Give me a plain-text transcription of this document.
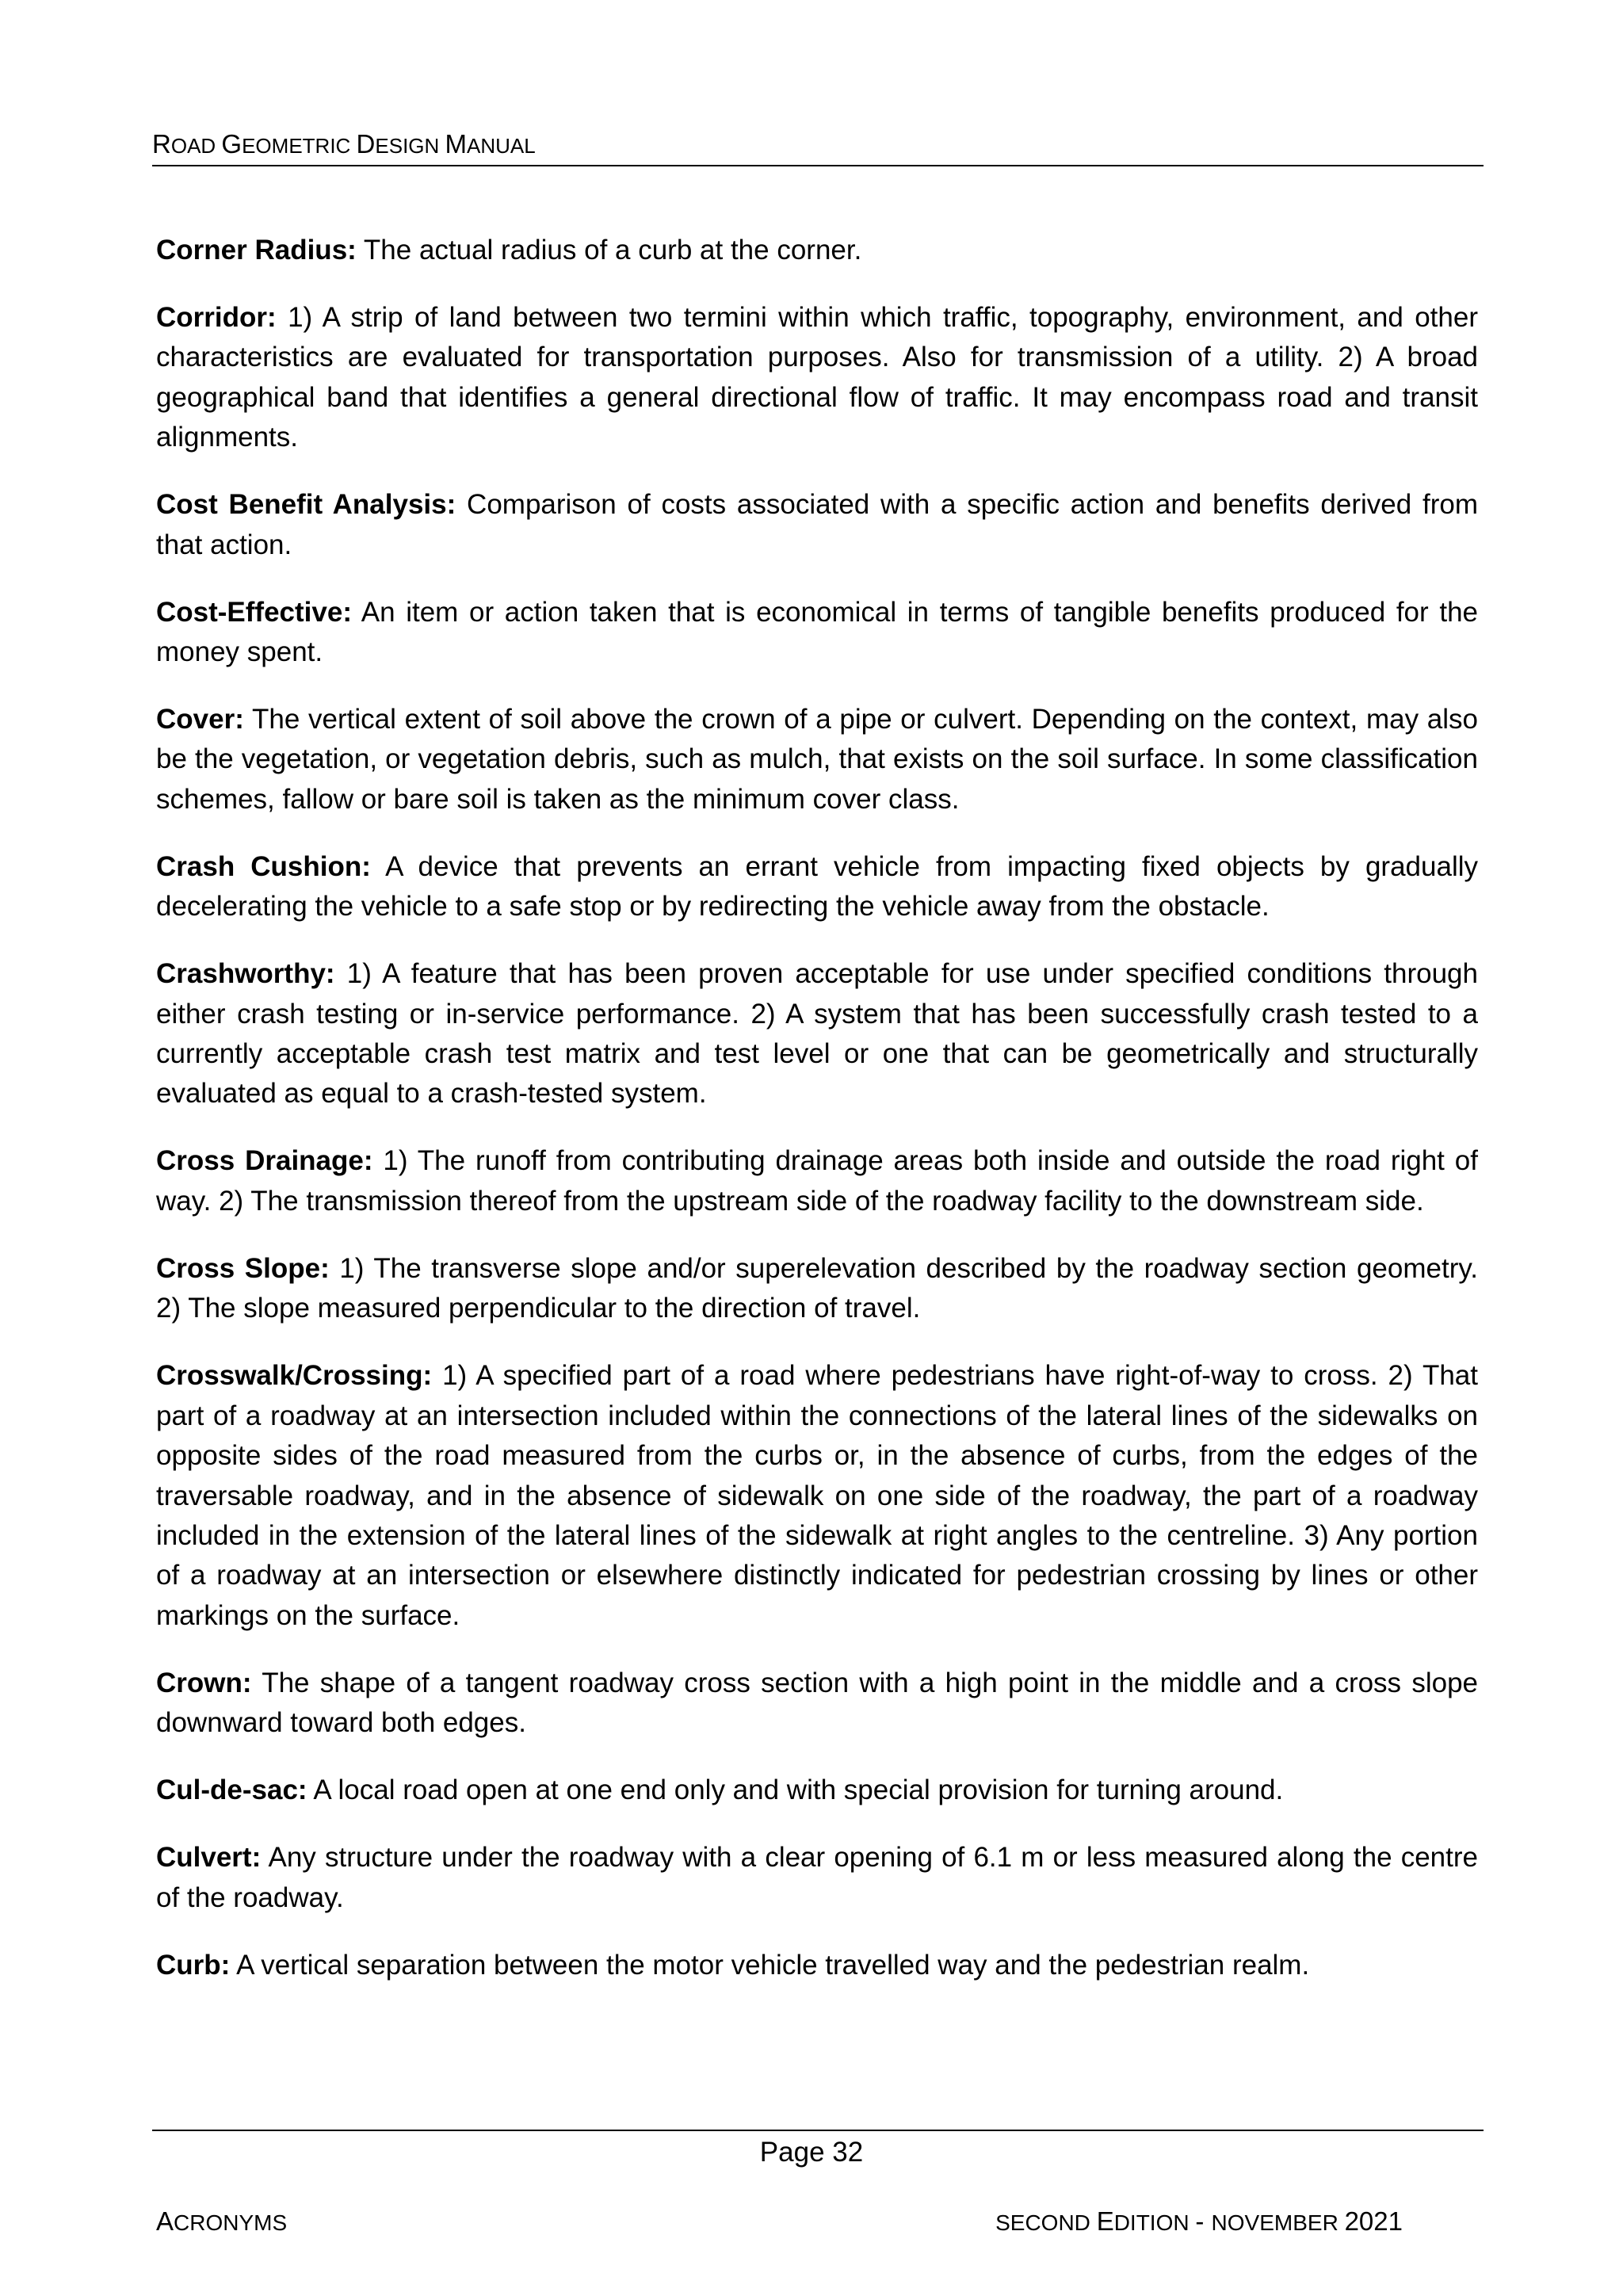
ROAD GEOMETRIC DESIGN MANUAL

Corner Radius: The actual radius of a curb at the corner.

Corridor: 1) A strip of land between two termini within which traffic, topography, environment, and other characteristics are evaluated for transportation purposes. Also for transmission of a utility. 2) A broad geographical band that identifies a general directional flow of traffic. It may encompass road and transit alignments.

Cost Benefit Analysis: Comparison of costs associated with a specific action and benefits derived from that action.

Cost-Effective: An item or action taken that is economical in terms of tangible benefits produced for the money spent.

Cover: The vertical extent of soil above the crown of a pipe or culvert. Depending on the context, may also be the vegetation, or vegetation debris, such as mulch, that exists on the soil surface. In some classification schemes, fallow or bare soil is taken as the minimum cover class.

Crash Cushion: A device that prevents an errant vehicle from impacting fixed objects by gradually decelerating the vehicle to a safe stop or by redirecting the vehicle away from the obstacle.

Crashworthy: 1) A feature that has been proven acceptable for use under specified conditions through either crash testing or in-service performance. 2) A system that has been successfully crash tested to a currently acceptable crash test matrix and test level or one that can be geometrically and structurally evaluated as equal to a crash-tested system.

Cross Drainage: 1) The runoff from contributing drainage areas both inside and outside the road right of way. 2) The transmission thereof from the upstream side of the roadway facility to the downstream side.

Cross Slope: 1) The transverse slope and/or superelevation described by the roadway section geometry. 2) The slope measured perpendicular to the direction of travel.

Crosswalk/Crossing: 1) A specified part of a road where pedestrians have right-of-way to cross. 2) That part of a roadway at an intersection included within the connections of the lateral lines of the sidewalks on opposite sides of the road measured from the curbs or, in the absence of curbs, from the edges of the traversable roadway, and in the absence of sidewalk on one side of the roadway, the part of a roadway included in the extension of the lateral lines of the sidewalk at right angles to the centreline. 3) Any portion of a roadway at an intersection or elsewhere distinctly indicated for pedestrian crossing by lines or other markings on the surface.

Crown: The shape of a tangent roadway cross section with a high point in the middle and a cross slope downward toward both edges.

Cul-de-sac: A local road open at one end only and with special provision for turning around.

Culvert: Any structure under the roadway with a clear opening of 6.1 m or less measured along the centre of the roadway.

Curb: A vertical separation between the motor vehicle travelled way and the pedestrian realm.

Page 32
ACRONYMS	SECOND EDITION - NOVEMBER 2021
